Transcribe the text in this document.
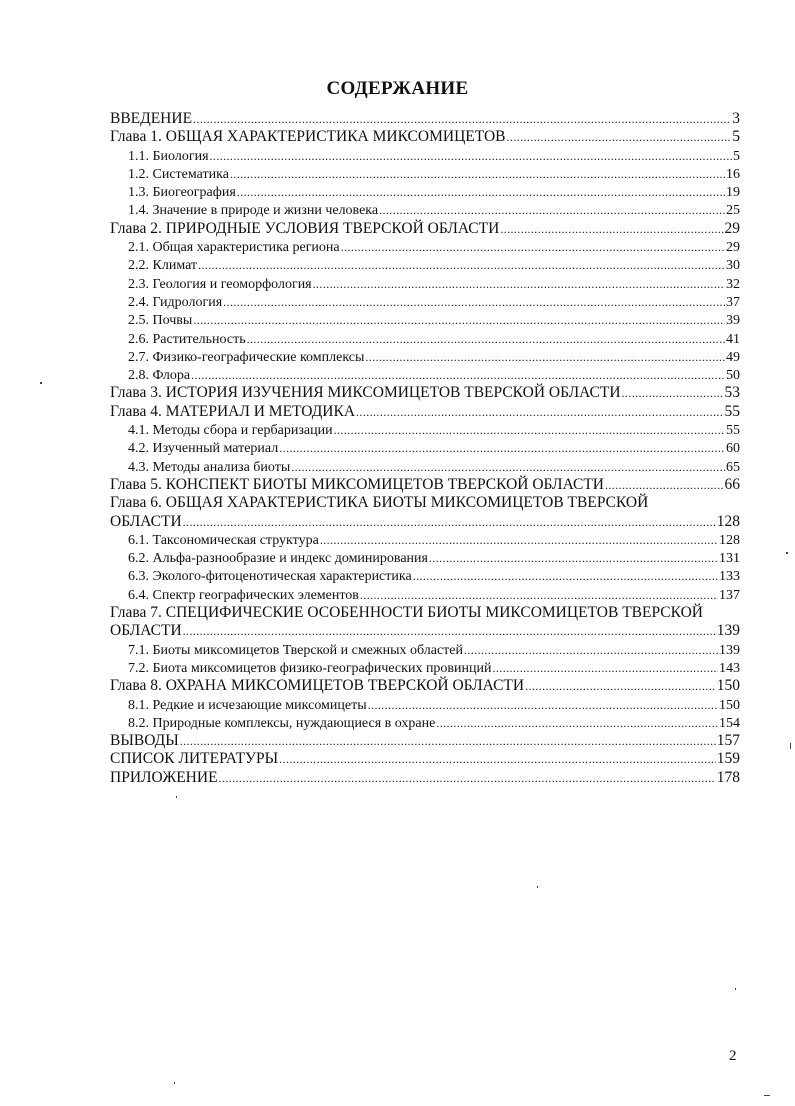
СОДЕРЖАНИЕ
ВВЕДЕНИЕ .....	3
Глава 1. ОБЩАЯ ХАРАКТЕРИСТИКА МИКСОМИЦЕТОВ .....	5
1.1. Биология .....	5
1.2. Систематика .....	16
1.3. Биогеография .....	19
1.4. Значение в природе и жизни человека .....	25
Глава 2. ПРИРОДНЫЕ УСЛОВИЯ ТВЕРСКОЙ ОБЛАСТИ .....	29
2.1. Общая характеристика региона .....	29
2.2. Климат .....	30
2.3. Геология и геоморфология .....	32
2.4. Гидрология .....	37
2.5. Почвы .....	39
2.6. Растительность .....	41
2.7. Физико-географические комплексы .....	49
2.8. Флора .....	50
Глава 3. ИСТОРИЯ ИЗУЧЕНИЯ МИКСОМИЦЕТОВ ТВЕРСКОЙ ОБЛАСТИ .....	53
Глава 4. МАТЕРИАЛ И МЕТОДИКА .....	55
4.1. Методы сбора и гербаризации .....	55
4.2. Изученный материал .....	60
4.3. Методы анализа биоты .....	65
Глава 5. КОНСПЕКТ БИОТЫ МИКСОМИЦЕТОВ ТВЕРСКОЙ ОБЛАСТИ .....	66
Глава 6. ОБЩАЯ ХАРАКТЕРИСТИКА БИОТЫ МИКСОМИЦЕТОВ ТВЕРСКОЙ
ОБЛАСТИ .....	128
6.1. Таксономическая структура .....	128
6.2. Альфа-разнообразие и индекс доминирования .....	131
6.3. Эколого-фитоценотическая характеристика .....	133
6.4. Спектр географических элементов .....	137
Глава 7. СПЕЦИФИЧЕСКИЕ ОСОБЕННОСТИ БИОТЫ МИКСОМИЦЕТОВ ТВЕРСКОЙ
ОБЛАСТИ .....	139
7.1. Биоты миксомицетов Тверской и смежных областей .....	139
7.2. Биота миксомицетов физико-географических провинций .....	143
Глава 8. ОХРАНА МИКСОМИЦЕТОВ ТВЕРСКОЙ ОБЛАСТИ .....	150
8.1. Редкие и исчезающие миксомицеты .....	150
8.2. Природные комплексы, нуждающиеся в охране .....	154
ВЫВОДЫ .....	157
СПИСОК ЛИТЕРАТУРЫ .....	159
ПРИЛОЖЕНИЕ .....	178
2
